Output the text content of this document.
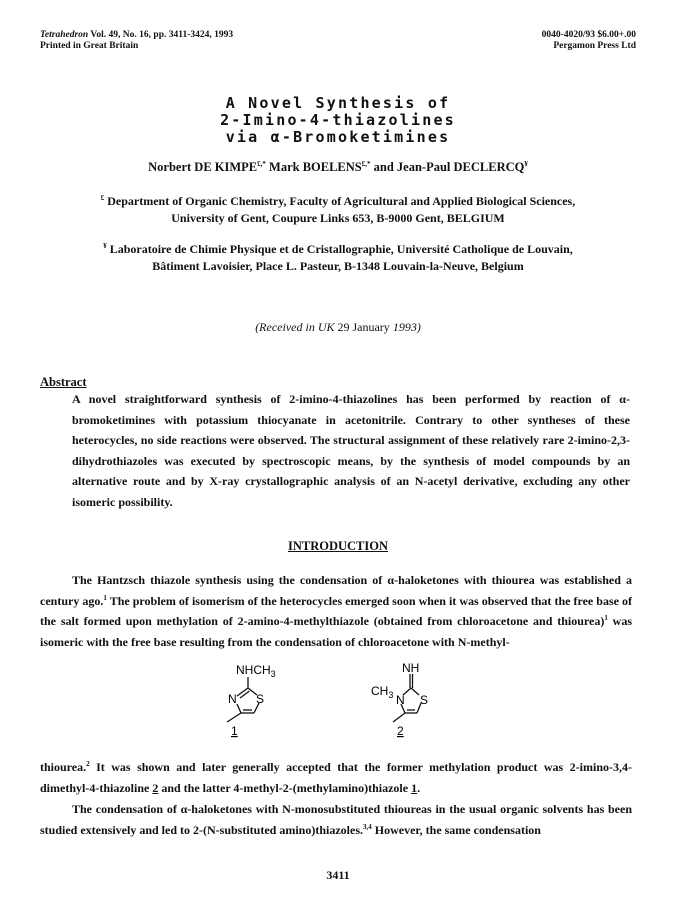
Tetrahedron Vol. 49, No. 16, pp. 3411-3424, 1993
Printed in Great Britain
0040-4020/93 $6.00+.00
Pergamon Press Ltd
A Novel Synthesis of
2-Imino-4-thiazolines
via α-Bromoketimines
Norbert DE KIMPE£,* Mark BOELENS£,* and Jean-Paul DECLERCQ¥
£ Department of Organic Chemistry, Faculty of Agricultural and Applied Biological Sciences,
University of Gent, Coupure Links 653, B-9000 Gent, BELGIUM
¥ Laboratoire de Chimie Physique et de Cristallographie, Université Catholique de Louvain,
Bâtiment Lavoisier, Place L. Pasteur, B-1348 Louvain-la-Neuve, Belgium
(Received in UK 29 January 1993)
Abstract
A novel straightforward synthesis of 2-imino-4-thiazolines has been performed by reaction of α-bromoketimines with potassium thiocyanate in acetonitrile. Contrary to other syntheses of these heterocycles, no side reactions were observed. The structural assignment of these relatively rare 2-imino-2,3-dihydrothiazoles was executed by spectroscopic means, by the synthesis of model compounds by an alternative route and by X-ray crystallographic analysis of an N-acetyl derivative, excluding any other isomeric possibility.
INTRODUCTION
The Hantzsch thiazole synthesis using the condensation of α-haloketones with thiourea was established a century ago.$^1$ The problem of isomerism of the heterocycles emerged soon when it was observed that the free base of the salt formed upon methylation of 2-amino-4-methylthiazole (obtained from chloroacetone and thiourea)$^1$ was isomeric with the free base resulting from the condensation of chloroacetone with N-methyl-
$NHCH_3$
N S
1
NH
$CH_3$ N S
2
thiourea.$^2$ It was shown and later generally accepted that the former methylation product was 2-imino-3,4-dimethyl-4-thiazoline 2 and the latter 4-methyl-2-(methylamino)thiazole 1.
The condensation of α-haloketones with N-monosubstituted thioureas in the usual organic solvents has been studied extensively and led to 2-(N-substituted amino)thiazoles.$^{3,4}$ However, the same condensation
3411
